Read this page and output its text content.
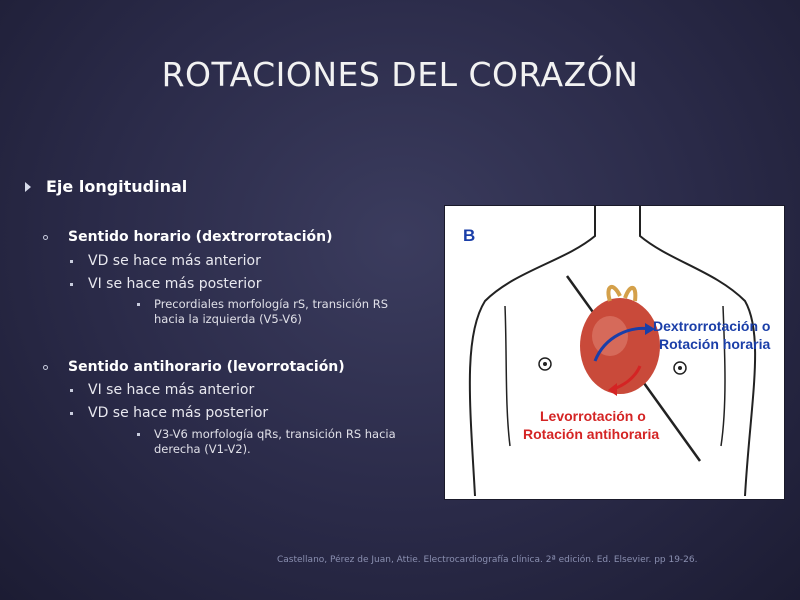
ROTACIONES DEL CORAZÓN
Eje longitudinal
Sentido horario (dextrorrotación)
VD se hace más anterior
VI se hace más posterior
Precordiales morfología rS, transición RS hacia la izquierda (V5-V6)
Sentido antihorario (levorrotación)
VI se hace más anterior
VD se hace más posterior
V3-V6 morfología qRs, transición RS hacia derecha (V1-V2).
B
Dextrorrotación o
Rotación horaria
Levorrotación o
Rotación antihoraria
Castellano, Pérez de Juan, Attie. Electrocardiografía clínica. 2ª edición. Ed. Elsevier. pp 19-26.
